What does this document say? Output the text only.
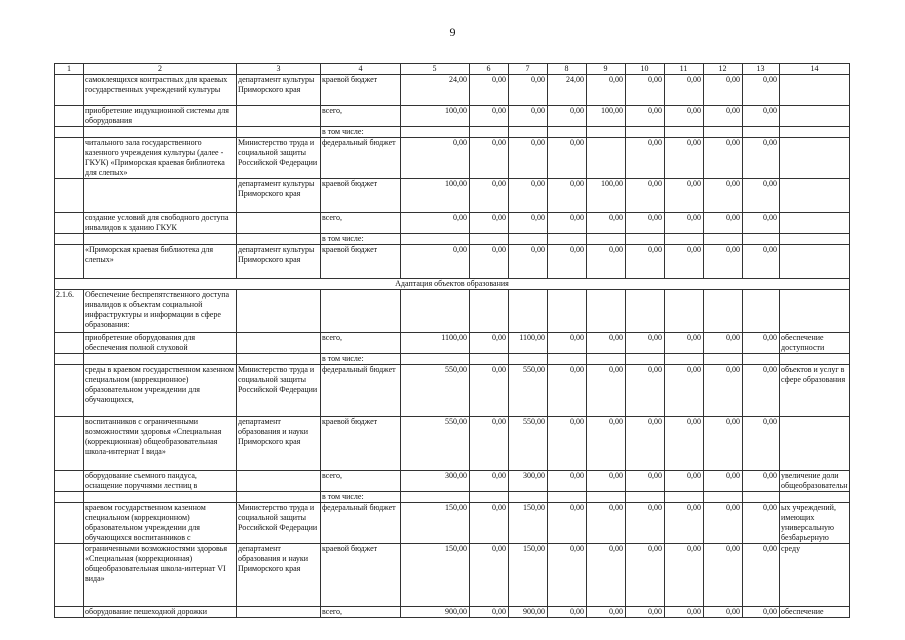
9
1	2	3	4	5	6	7	8	9	10	11	12	13	14
	самоклеящихся контрастных для краевых государственных учреждений культуры	департамент культуры Приморского края	краевой бюджет	24,00	0,00	0,00	24,00	0,00	0,00	0,00	0,00	0,00	
	приобретение индукционной системы для оборудования		всего,	100,00	0,00	0,00	0,00	100,00	0,00	0,00	0,00	0,00	
			в том числе:										
	читального зала государственного казенного учреждения культуры (далее - ГКУК) «Приморская краевая библиотека для слепых»	Министерство труда и социальной защиты Российской Федерации	федеральный бюджет	0,00	0,00	0,00	0,00		0,00	0,00	0,00	0,00	
		департамент культуры Приморского края	краевой бюджет	100,00	0,00	0,00	0,00	100,00	0,00	0,00	0,00	0,00	
	создание условий для свободного доступа инвалидов к зданию ГКУК		всего,	0,00	0,00	0,00	0,00	0,00	0,00	0,00	0,00	0,00	
			в том числе:										
	«Приморская краевая библиотека для слепых»	департамент культуры Приморского края	краевой бюджет	0,00	0,00	0,00	0,00	0,00	0,00	0,00	0,00	0,00	
Адаптация объектов образования													
2.1.6.	Обеспечение беспрепятственного доступа инвалидов к объектам социальной инфраструктуры и информации в сфере образования:												
	приобретение оборудования для обеспечения полной слуховой		всего,	1100,00	0,00	1100,00	0,00	0,00	0,00	0,00	0,00	0,00	обеспечение доступности
			в том числе:										
	среды в краевом государственном казенном специальном (коррекционное) образовательном учреждении для обучающихся,	Министерство труда и социальной защиты Российской Федерации	федеральный бюджет	550,00	0,00	550,00	0,00	0,00	0,00	0,00	0,00	0,00	объектов и услуг в сфере образования
	воспитанников с ограниченными возможностями здоровья «Специальная (коррекционная) общеобразовательная школа-интернат I вида»	департамент образования и науки Приморского края	краевой бюджет	550,00	0,00	550,00	0,00	0,00	0,00	0,00	0,00	0,00	
	оборудование съемного пандуса, оснащение поручнями лестниц в		всего,	300,00	0,00	300,00	0,00	0,00	0,00	0,00	0,00	0,00	увеличение доли общеобразовательн
			в том числе:										
	краевом государственном казенном специальном (коррекционном) образовательном учреждении для обучающихся воспитанников с	Министерство труда и социальной защиты Российской Федерации	федеральный бюджет	150,00	0,00	150,00	0,00	0,00	0,00	0,00	0,00	0,00	ых учреждений, имеющих универсальную безбарьерную
	ограниченными возможностями здоровья «Специальная (коррекционная) общеобразовательная школа-интернат VI вида»	департамент образования и науки Приморского края	краевой бюджет	150,00	0,00	150,00	0,00	0,00	0,00	0,00	0,00	0,00	среду
	оборудование пешеходной дорожки		всего,	900,00	0,00	900,00	0,00	0,00	0,00	0,00	0,00	0,00	обеспечение
